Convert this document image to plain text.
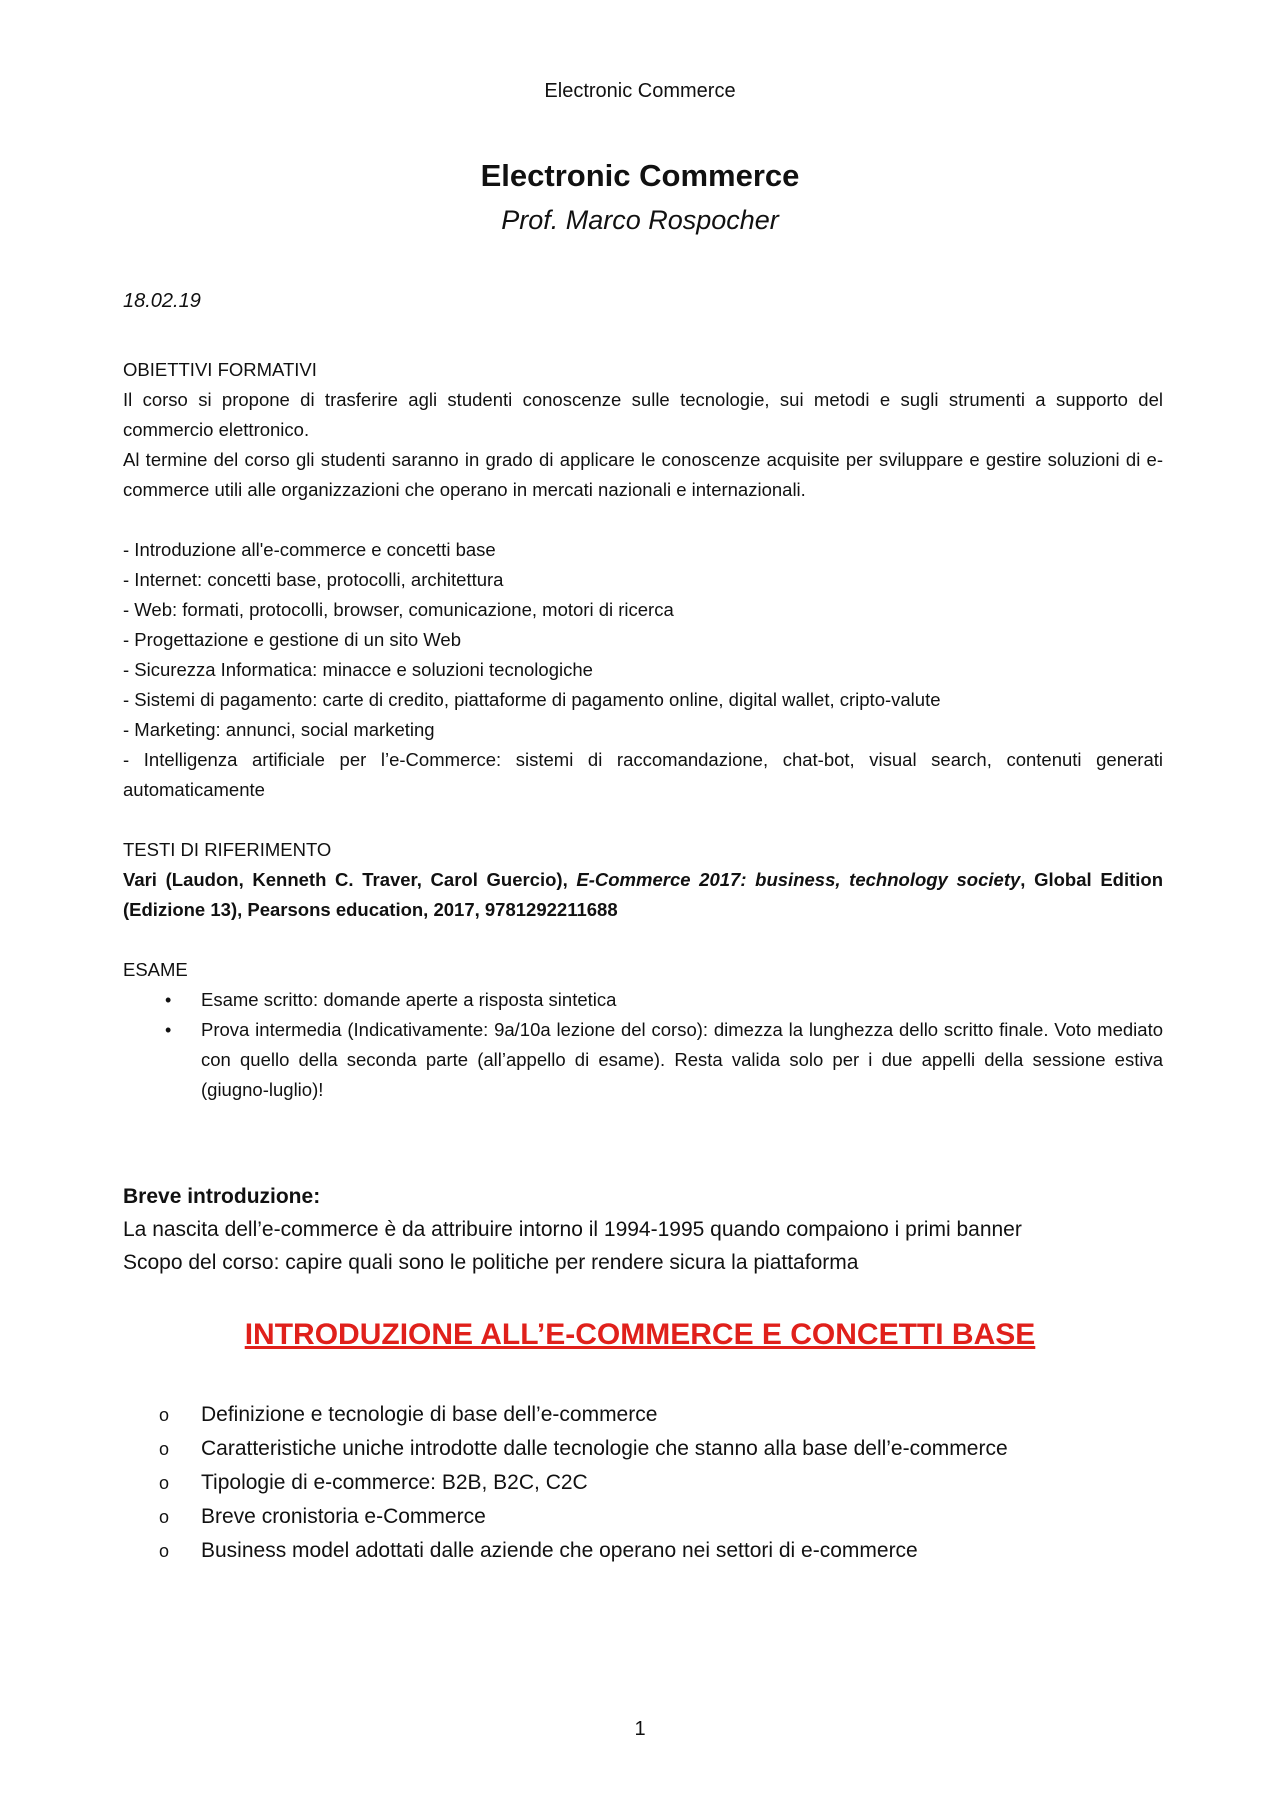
Electronic Commerce
Electronic Commerce
Prof. Marco Rospocher
18.02.19

OBIETTIVI FORMATIVI

Il corso si propone di trasferire agli studenti conoscenze sulle tecnologie, sui metodi e sugli strumenti a supporto del commercio elettronico.

Al termine del corso gli studenti saranno in grado di applicare le conoscenze acquisite per sviluppare e gestire soluzioni di e-commerce utili alle organizzazioni che operano in mercati nazionali e internazionali.

- Introduzione all'e-commerce e concetti base

- Internet: concetti base, protocolli, architettura

- Web: formati, protocolli, browser, comunicazione, motori di ricerca

- Progettazione e gestione di un sito Web

- Sicurezza Informatica: minacce e soluzioni tecnologiche

- Sistemi di pagamento: carte di credito, piattaforme di pagamento online, digital wallet, cripto-valute

- Marketing: annunci, social marketing

- Intelligenza artificiale per l’e-Commerce: sistemi di raccomandazione, chat-bot, visual search, contenuti generati automaticamente

TESTI DI RIFERIMENTO

Vari (Laudon, Kenneth C. Traver, Carol Guercio), E-Commerce 2017: business, technology society, Global Edition (Edizione 13), Pearsons education, 2017, 9781292211688

ESAME

• Esame scritto: domande aperte a risposta sintetica
• Prova intermedia (Indicativamente: 9a/10a lezione del corso): dimezza la lunghezza dello scritto finale. Voto mediato con quello della seconda parte (all’appello di esame). Resta valida solo per i due appelli della sessione estiva (giugno-luglio)!

Breve introduzione:

La nascita dell’e-commerce è da attribuire intorno il 1994-1995 quando compaiono i primi banner

Scopo del corso: capire quali sono le politiche per rendere sicura la piattaforma

INTRODUZIONE ALL’E-COMMERCE E CONCETTI BASE
o Definizione e tecnologie di base dell’e-commerce
o Caratteristiche uniche introdotte dalle tecnologie che stanno alla base dell’e-commerce
o Tipologie di e-commerce: B2B, B2C, C2C
o Breve cronistoria e-Commerce
o Business model adottati dalle aziende che operano nei settori di e-commerce
1
